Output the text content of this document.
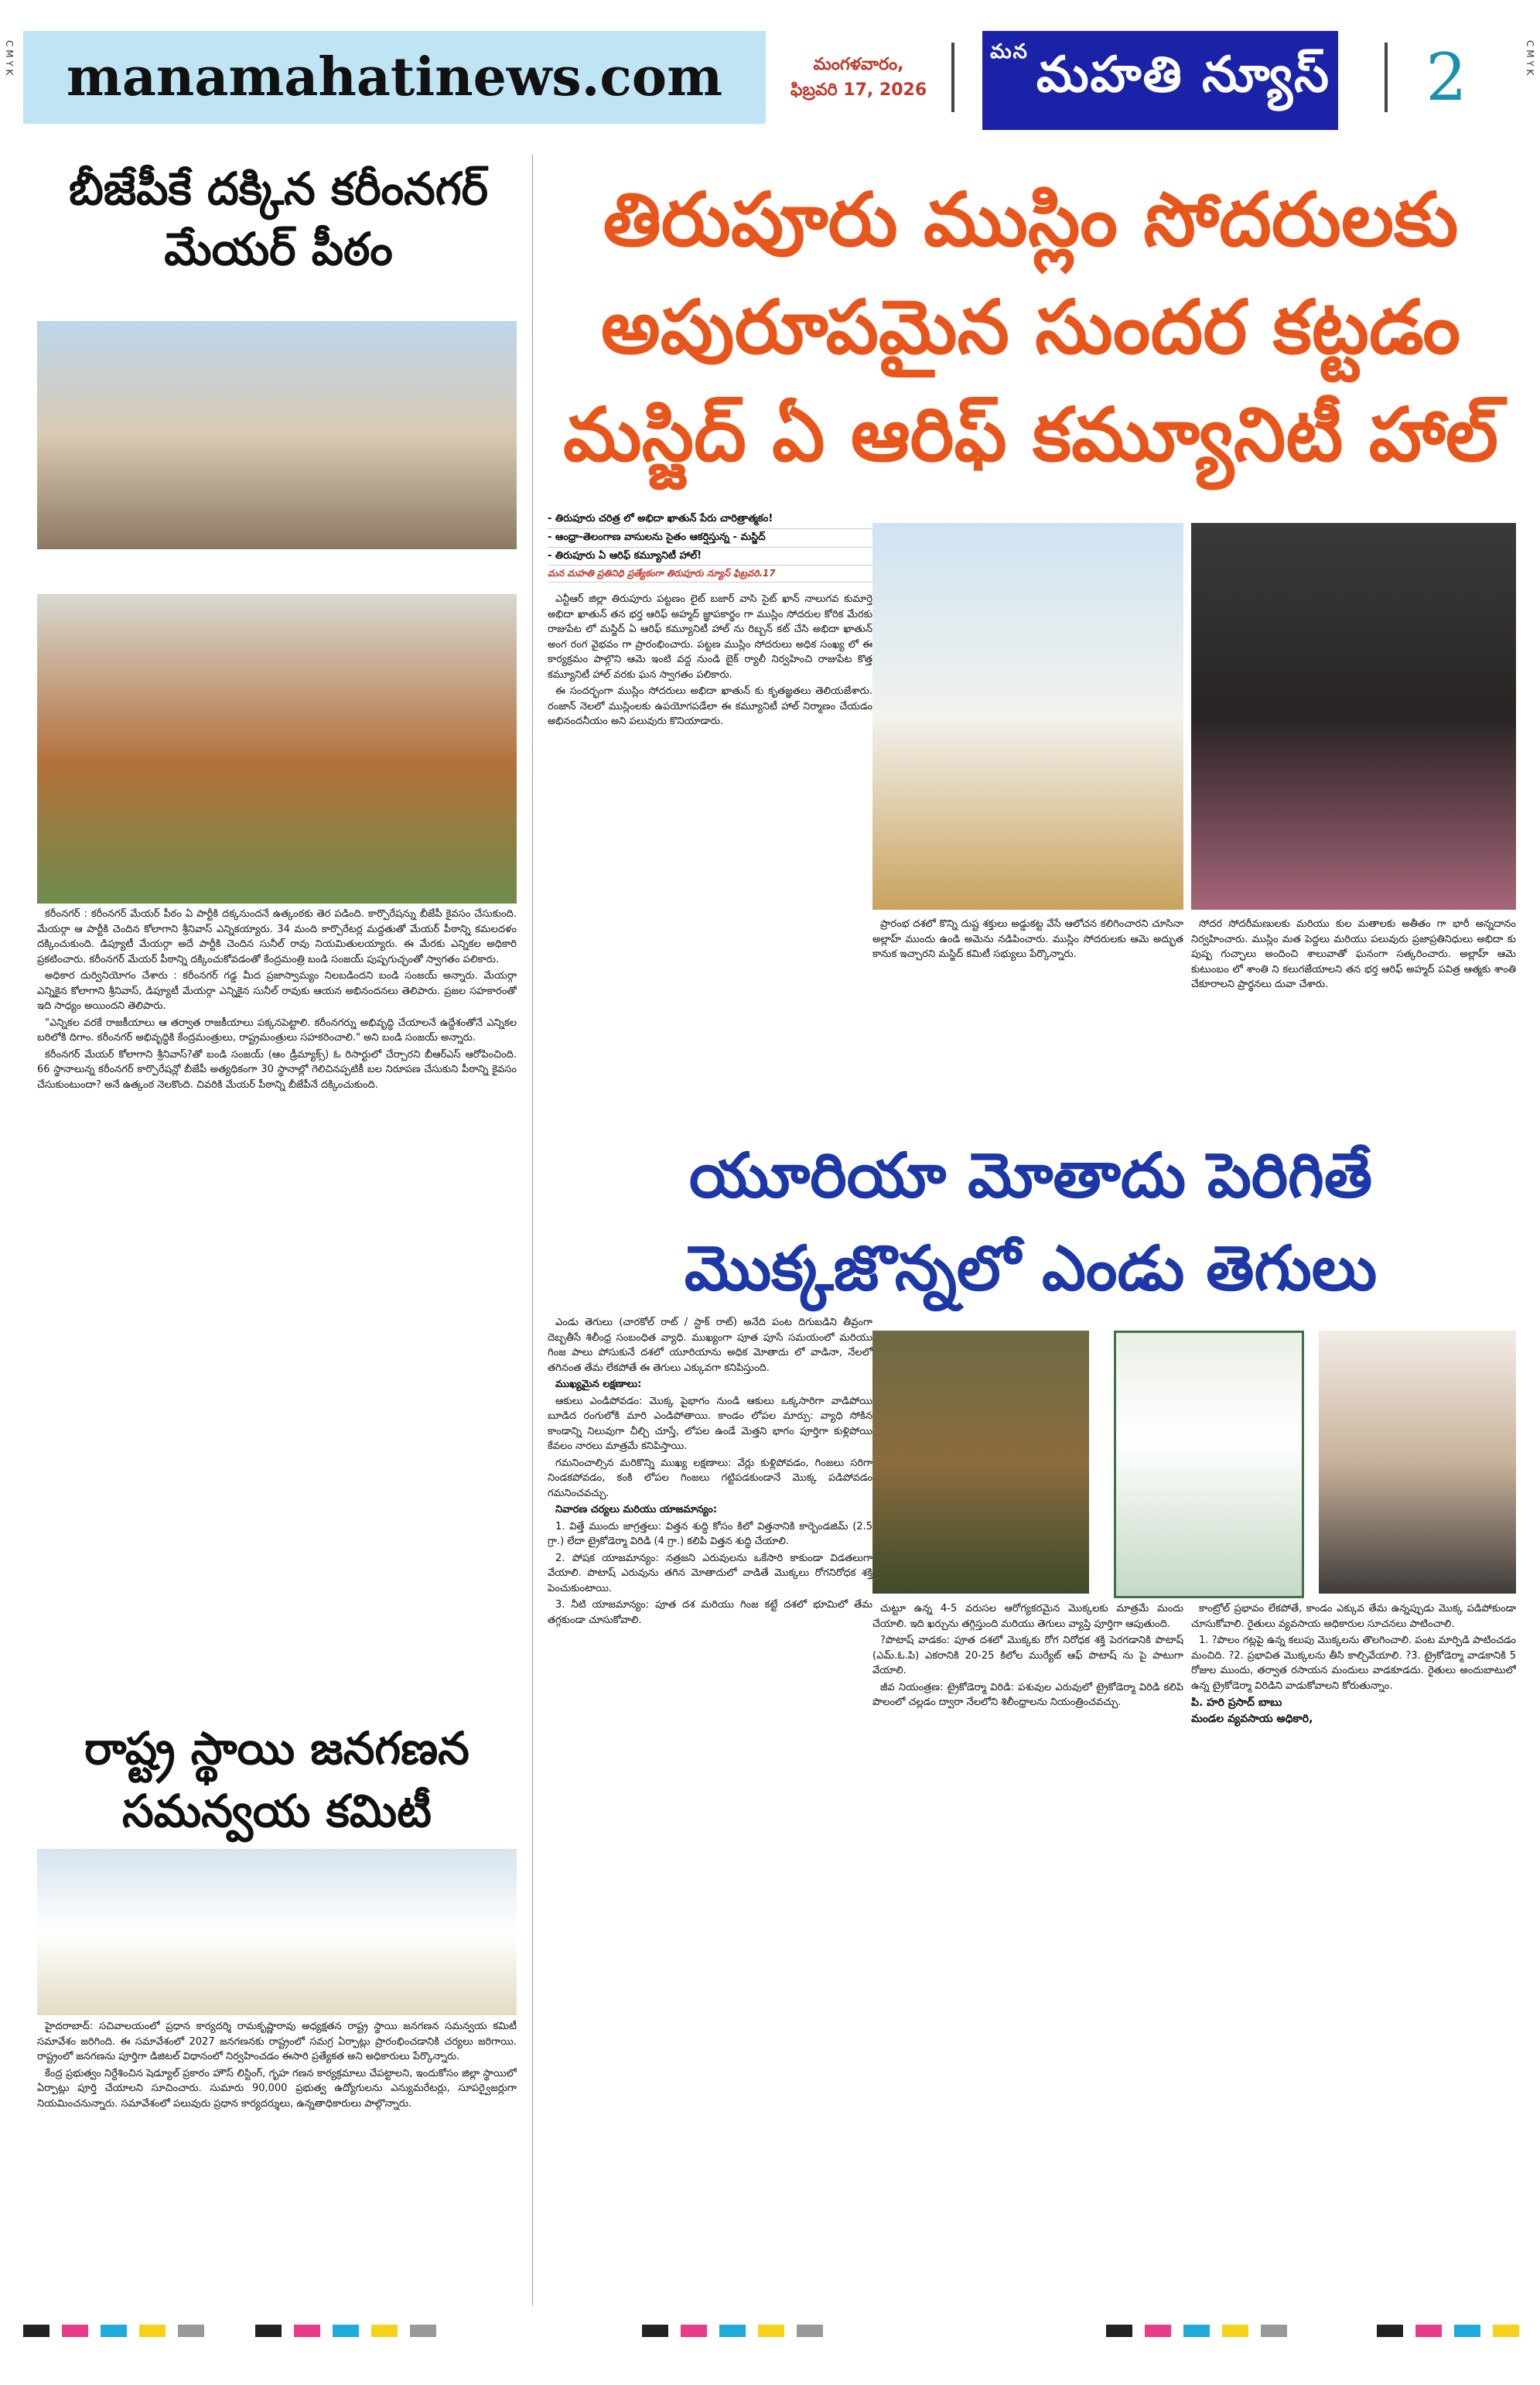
C M Y K	C M Y K
manamahatinews.com	మంగళవారం,
ఫిబ్రవరి 17, 2026
మన మహతి న్యూస్ 2
బీజేపీకే దక్కిన కరీంనగర్ మేయర్ పీఠం	తిరుపూరు ముస్లిం సోదరులకు అపురూపమైన సుందర కట్టడం మస్జిద్ ఏ ఆరిఫ్ కమ్యూనిటీ హాల్

కరీంనగర్ : కరీంనగర్ మేయర్ పీఠం ఏ పార్టీకి దక్కనుందనే ఉత్కంఠకు తెర పడింది. కార్పొరేషన్ను బీజేపీ కైవసం చేసుకుంది. మేయర్గా ఆ పార్టీకి చెందిన కోలాగాని శ్రీనివాస్ ఎన్నికయ్యారు. 34 మంది కార్పొరేటర్ల మద్దతుతో మేయర్ పీఠాన్ని కమలదళం దక్కించుకుంది. డిప్యూటీ మేయర్గా అదే పార్టీకి చెందిన సునీల్ రావు నియమితులయ్యారు. ఈ మేరకు ఎన్నికల అధికారి ప్రకటించారు. కరీంనగర్ మేయర్ పీఠాన్ని దక్కించుకోవడంతో కేంద్రమంత్రి బండి సంజయ్ పుష్పగుచ్ఛంతో స్వాగతం పలికారు.

అధికార దుర్వినియోగం చేశారు : కరీంనగర్ గడ్డ మీద ప్రజాస్వామ్యం నిలబడిందని బండి సంజయ్ అన్నారు. మేయర్గా ఎన్నికైన కోలాగాని శ్రీనివాస్, డిప్యూటీ మేయర్గా ఎన్నికైన సునీల్ రావుకు ఆయన అభినందనలు తెలిపారు. ప్రజల సహకారంతో ఇది సాధ్యం అయిందని తెలిపారు.

"ఎన్నికల వరకే రాజకీయాలు ఆ తర్వాత రాజకీయాలు పక్కనపెట్టాలి. కరీంనగర్ను అభివృద్ధి చేయాలనే ఉద్దేశంతోనే ఎన్నికల బరిలోకి దిగాం. కరీంనగర్ అభివృద్ధికి కేంద్రమంత్రులు, రాష్ట్రమంత్రులు సహకరించాలి." అని బండి సంజయ్ అన్నారు.

కరీంనగర్ మేయర్ కోలాగాని శ్రీనివాస్?తో బండి సంజయ్ (ఆం డ్రీమ్యాక్స్) ఓ రిసార్టులో చేర్చారని బీఆర్ఎస్ ఆరోపించింది. 66 స్థానాలున్న కరీంనగర్ కార్పొరేషన్లో బీజేపీ అత్యధికంగా 30 స్థానాల్లో గెలిచినప్పటికీ బల నిరూపణ చేసుకుని పీఠాన్ని కైవసం చేసుకుంటుందా? అనే ఉత్కంఠ నెలకొంది. చివరికి మేయర్ పీఠాన్ని బీజేపీనే దక్కించుకుంది.

రాష్ట్ర స్థాయి జనగణన సమన్వయ కమిటీ

హైదరాబాద్: సచివాలయంలో ప్రధాన కార్యదర్శి రామకృష్ణారావు అధ్యక్షతన రాష్ట్ర స్థాయి జనగణన సమన్వయ కమిటీ సమావేశం జరిగింది. ఈ సమావేశంలో 2027 జనగణనకు రాష్ట్రంలో సమగ్ర ఏర్పాట్లు ప్రారంభించడానికి చర్యలు జరిగాయి. రాష్ట్రంలో జనగణను పూర్తిగా డిజిటల్ విధానంలో నిర్వహించడం ఈసారి ప్రత్యేకత అని అధికారులు పేర్కొన్నారు.

కేంద్ర ప్రభుత్వం నిర్దేశించిన షెడ్యూల్ ప్రకారం హౌస్ లిస్టింగ్, గృహ గణన కార్యక్రమాలు చేపట్టాలని, ఇందుకోసం జిల్లా స్థాయిలో ఏర్పాట్లు పూర్తి చేయాలని సూచించారు. సుమారు 90,000 ప్రభుత్వ ఉద్యోగులను ఎన్యుమరేటర్లు, సూపర్వైజర్లుగా నియమించనున్నారు. సమావేశంలో పలువురు ప్రధాన కార్యదర్శులు, ఉన్నతాధికారులు పాల్గొన్నారు.

- తిరుపూరు చరిత్ర లో అభిదా ఖాతున్ పేరు చారిత్రాత్మకం!
- ఆంధ్రా-తెలంగాణ వాసులను సైతం ఆకర్షిస్తున్న - మస్జిద్
- తిరుపూరు ఏ ఆరిఫ్ కమ్యూనిటీ హాల్!
మన మహతి ప్రతినిధి ప్రత్యేకంగా తిరుపూరు న్యూస్ ఫిబ్రవరి.17

ఎన్టీఆర్ జిల్లా తిరుపూరు పట్టణం లైట్ బజార్ వాసి సైట్ ఖాన్ నాలుగవ కుమార్తె అభిదా ఖాతున్ తన భర్త ఆరిఫ్ అహ్మద్ జ్ఞాపకార్థం గా ముస్లిం సోదరుల కోరిక మేరకు రాజుపేట లో మస్జిద్ ఏ ఆరిఫ్ కమ్యూనిటీ హాల్ ను రిబ్బన్ కట్ చేసి అభిదా ఖాతున్ అంగ రంగ వైభవం గా ప్రారంభించారు. పట్టణ ముస్లిం సోదరులు అధిక సంఖ్య లో ఈ కార్యక్రమం పాల్గొని ఆమె ఇంటి వద్ద నుండి బైక్ ర్యాలీ నిర్వహించి రాజుపేట కొత్త కమ్యూనిటీ హాల్ వరకు ఘన స్వాగతం పలికారు.

ఈ సందర్భంగా ముస్లిం సోదరులు అభిదా ఖాతున్ కు కృతజ్ఞతలు తెలియజేశారు. రంజాన్ నెలలో ముస్లింలకు ఉపయోగపడేలా ఈ కమ్యూనిటీ హాల్ నిర్మాణం చేయడం అభినందనీయం అని పలువురు కొనియాడారు.

ప్రారంభ దశలో కొన్ని దుష్ట శక్తులు అడ్డుకట్ట వేసే ఆలోచన కలిగించారని చూసినా అల్లాహ్ ముందు ఉండి అమెను నడిపించారు. ముస్లిం సోదరులకు ఆమె అద్భుత కానుక ఇచ్చారని మస్జిద్ కమిటీ సభ్యులు పేర్కొన్నారు.

సోదర సోదరీమణులకు మరియు కుల మతాలకు అతీతం గా భారీ అన్నదానం నిర్వహించారు. ముస్లిం మత పెద్దలు మరియు పలువురు ప్రజాప్రతినిధులు అభిదా కు పుష్ప గుచ్ఛాలు అందించి శాలువాతో ఘనంగా సత్కరించారు. అల్లాహ్ ఆమె కుటుంబం లో శాంతి ని కలుగజేయాలని తన భర్త ఆరిఫ్ అహ్మద్ పవిత్ర ఆత్మకు శాంతి చేకూరాలని ప్రార్థనలు దువా చేశారు.

యూరియా మోతాదు పెరిగితే మొక్కజొన్నలో ఎండు తెగులు

ఎండు తెగులు (చారకోల్ రాట్ / స్టాక్ రాట్) అనేది పంట దిగుబడిని తీవ్రంగా దెబ్బతీసే శిలీంధ్ర సంబంధిత వ్యాధి. ముఖ్యంగా పూత పూసే సమయంలో మరియు గింజ పాలు పోసుకునే దశలో యూరియాను అధిక మోతాదు లో వాడినా, నేలలో తగినంత తేమ లేకపోతే ఈ తెగులు ఎక్కువగా కనిపిస్తుంది.

ముఖ్యమైన లక్షణాలు:

ఆకులు ఎండిపోవడం: మొక్క పైభాగం నుండి ఆకులు ఒక్కసారిగా వాడిపోయి బూడిద రంగులోకి మారి ఎండిపోతాయి. కాండం లోపల మార్పు: వ్యాధి సోకిన కాండాన్ని నిలువుగా చీల్చి చూస్తే, లోపల ఉండే మెత్తని భాగం పూర్తిగా కుళ్లిపోయి కేవలం నారలు మాత్రమే కనిపిస్తాయి.

గమనించాల్సిన మరికొన్ని ముఖ్య లక్షణాలు: వేర్లు కుళ్లిపోవడం, గింజలు సరిగా నిండకపోవడం, కంకి లోపల గింజలు గట్టిపడకుండానే మొక్క పడిపోవడం గమనించవచ్చు.

నివారణ చర్యలు మరియు యాజమాన్యం:

1. విత్తే ముందు జాగ్రత్తలు: విత్తన శుద్ధి కోసం కిలో విత్తనానికి కార్బెండజిమ్ (2.5 గ్రా.) లేదా ట్రైకోడెర్మా విరిడి (4 గ్రా.) కలిపి విత్తన శుద్ధి చేయాలి.

2. పోషక యాజమాన్యం: నత్రజని ఎరువులను ఒకేసారి కాకుండా విడతలుగా వేయాలి. పొటాష్ ఎరువును తగిన మోతాదులో వాడితే మొక్కలు రోగనిరోధక శక్తి పెంచుకుంటాయి.

3. నీటి యాజమాన్యం: పూత దశ మరియు గింజ కట్టే దశలో భూమిలో తేమ తగ్గకుండా చూసుకోవాలి.

చుట్టూ ఉన్న 4-5 వరుసల ఆరోగ్యకరమైన మొక్కలకు మాత్రమే మందు చేయాలి. ఇది ఖర్చును తగ్గిస్తుంది మరియు తెగులు వ్యాప్తి పూర్తిగా ఆపుతుంది.

?పొటాష్ వాడకం: పూత దశలో మొక్కకు రోగ నిరోధక శక్తి పెరగడానికి పొటాష్ (ఎమ్.ఓ.పి) ఎకరానికి 20-25 కిలోల ముర్యేట్ ఆఫ్ పొటాష్ ను పై పాటుగా వేయాలి.

జీవ నియంత్రణ: ట్రైకోడెర్మా విరిడి: పశువుల ఎరువులో ట్రైకోడెర్మా విరిడి కలిపి పొలంలో చల్లడం ద్వారా నేలలోని శిలీంధ్రాలను నియంత్రించవచ్చు.

కాంట్రోల్ ప్రభావం లేకపోతే, కాండం ఎక్కువ తేమ ఉన్నప్పుడు మొక్క పడిపోకుండా చూసుకోవాలి. రైతులు వ్యవసాయ అధికారుల సూచనలు పాటించాలి.

1. ?పొలం గట్లపై ఉన్న కలుపు మొక్కలను తొలగించాలి. పంట మార్పిడి పాటించడం మంచిది. ?2. ప్రభావిత మొక్కలను తీసి కాల్చివేయాలి. ?3. ట్రైకోడెర్మా వాడకానికి 5 రోజుల ముందు, తర్వాత రసాయన మందులు వాడకూడదు. రైతులు అందుబాటులో ఉన్న ట్రైకోడెర్మా విరిడిని వాడుకోవాలని కోరుతున్నాం.

పి. హరి ప్రసాద్ బాబు
మండల వ్యవసాయ అధికారి,
